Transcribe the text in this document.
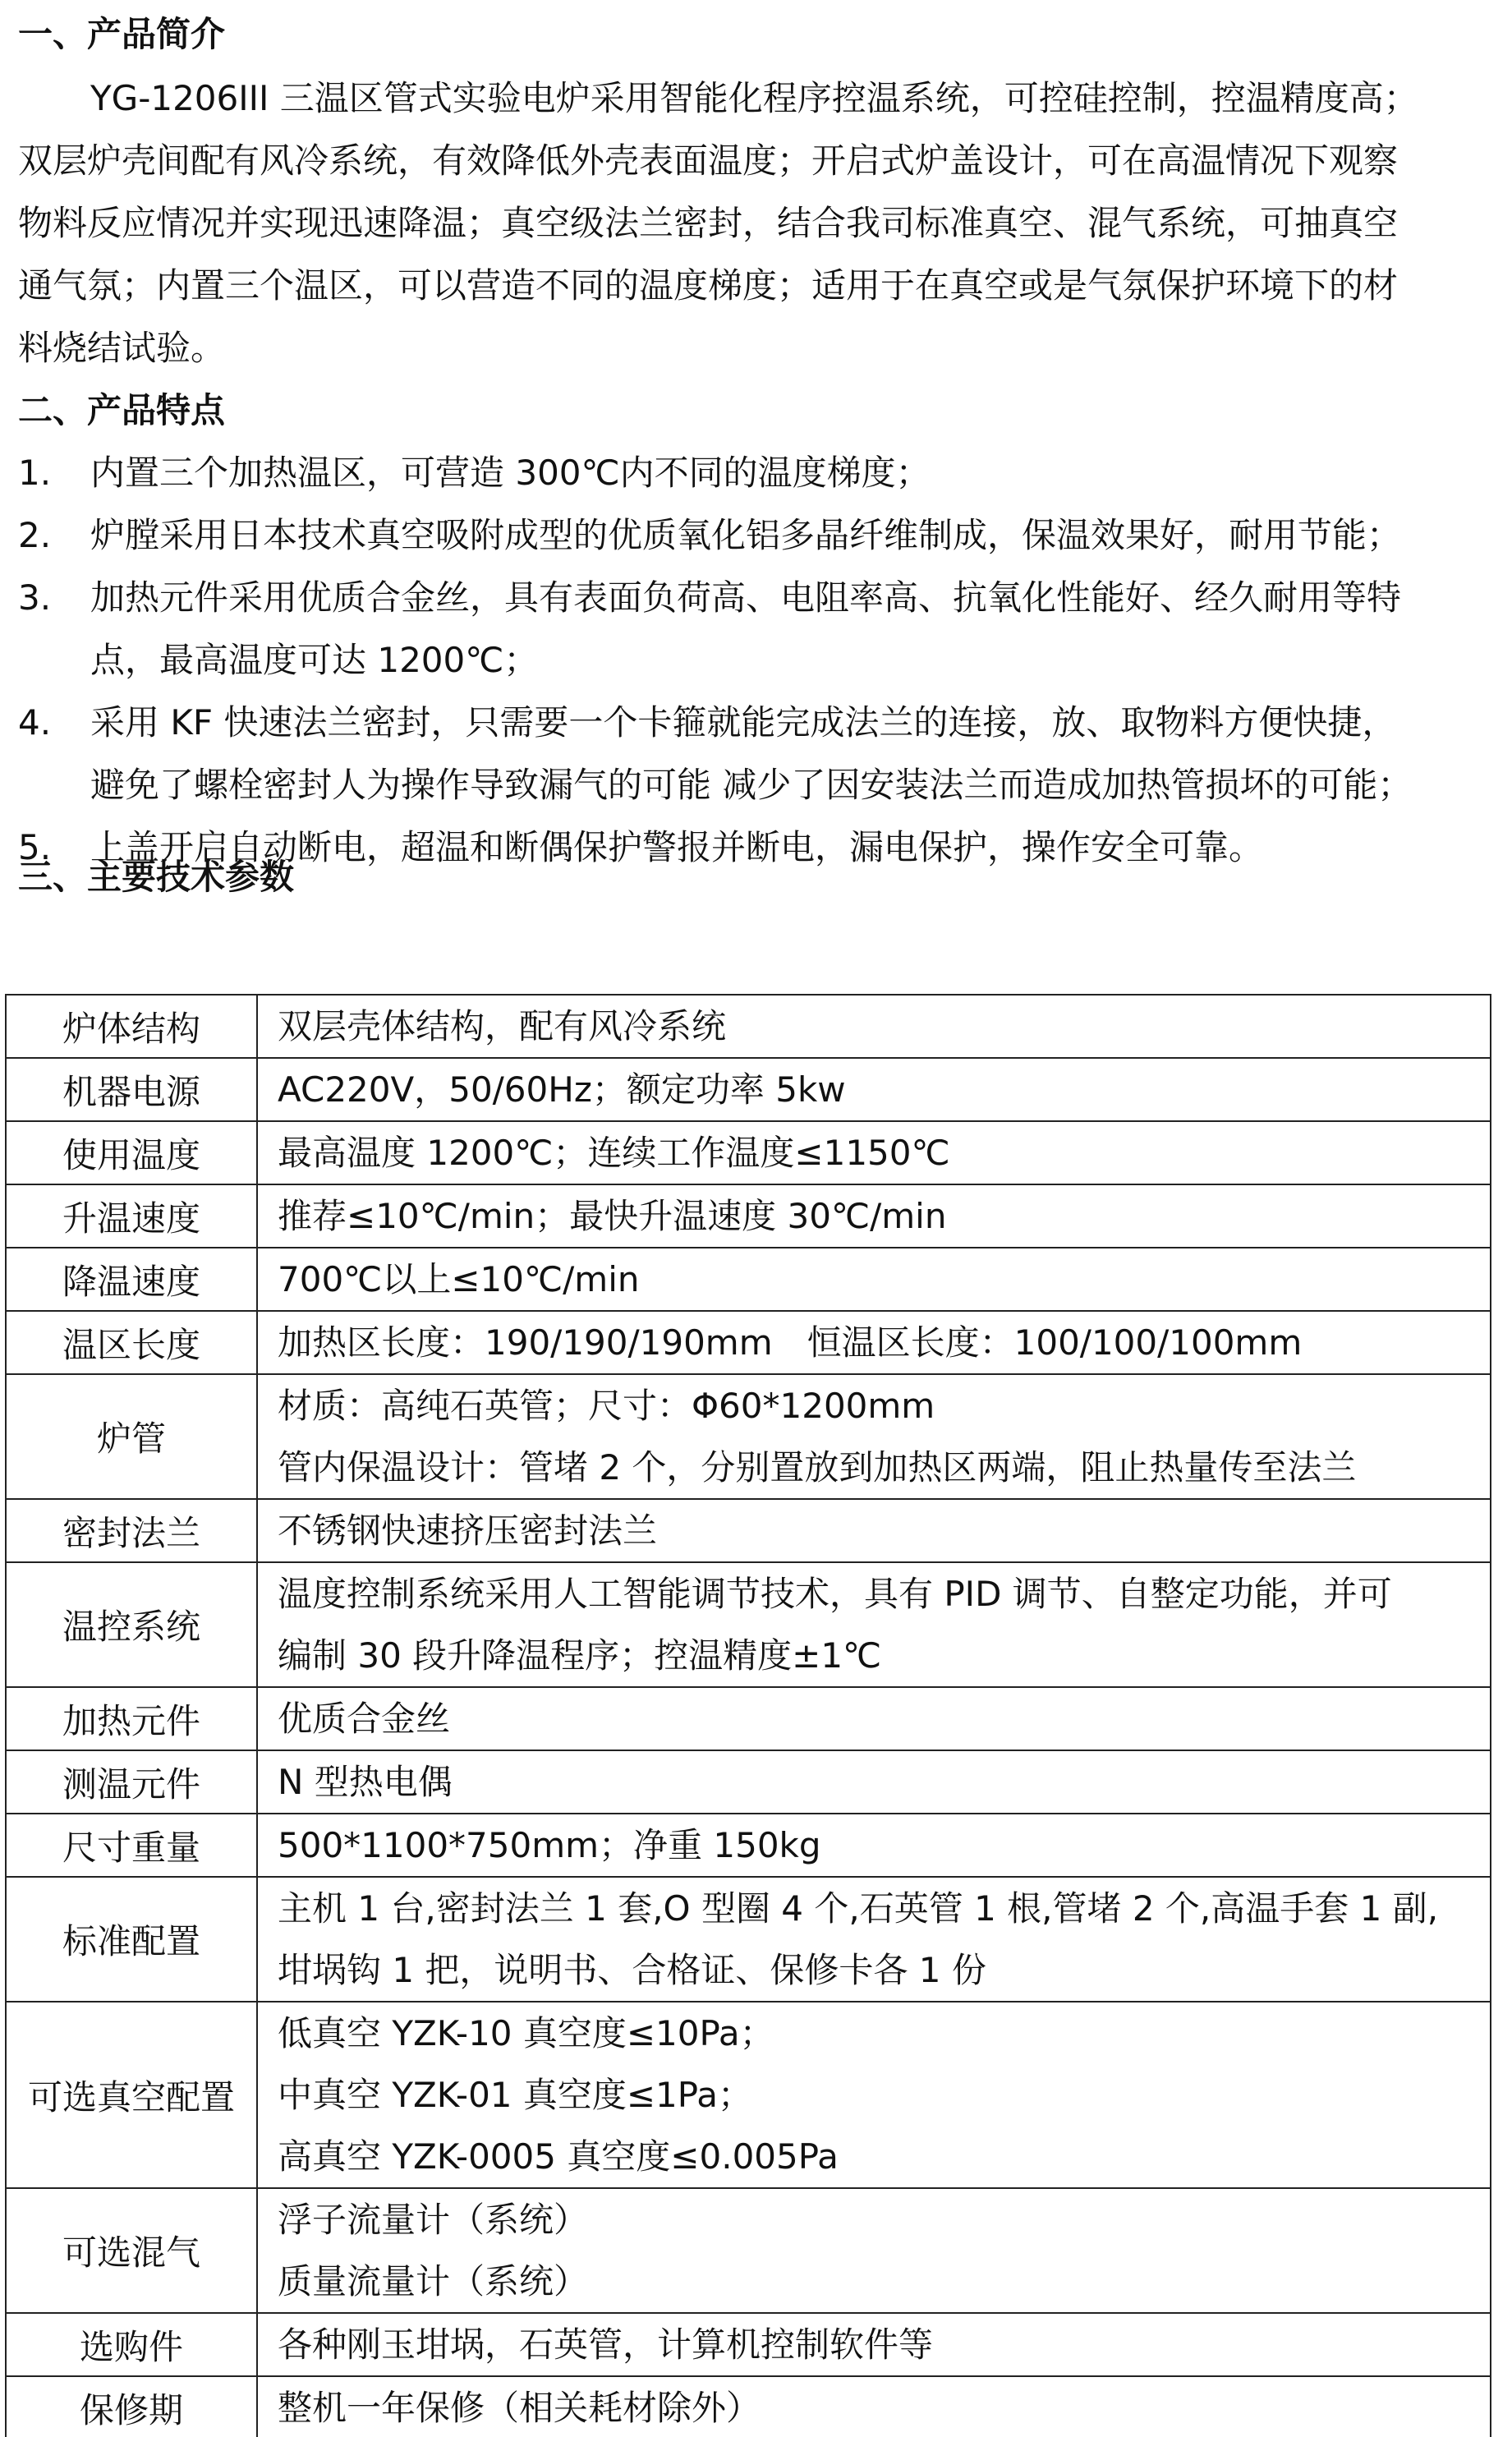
一、产品简介
YG-1206III 三温区管式实验电炉采用智能化程序控温系统，可控硅控制，控温精度高；
双层炉壳间配有风冷系统，有效降低外壳表面温度；开启式炉盖设计，可在高温情况下观察
物料反应情况并实现迅速降温；真空级法兰密封，结合我司标准真空、混气系统，可抽真空
通气氛；内置三个温区，可以营造不同的温度梯度；适用于在真空或是气氛保护环境下的材
料烧结试验。
二、产品特点
1. 内置三个加热温区，可营造 300℃内不同的温度梯度；
2. 炉膛采用日本技术真空吸附成型的优质氧化铝多晶纤维制成，保温效果好，耐用节能；
3. 加热元件采用优质合金丝，具有表面负荷高、电阻率高、抗氧化性能好、经久耐用等特
点，最高温度可达 1200℃；
4. 采用 KF 快速法兰密封，只需要一个卡箍就能完成法兰的连接，放、取物料方便快捷，
避免了螺栓密封人为操作导致漏气的可能 减少了因安装法兰而造成加热管损坏的可能；
5. 上盖开启自动断电，超温和断偶保护警报并断电，漏电保护，操作安全可靠。
三、主要技术参数
炉体结构	双层壳体结构，配有风冷系统

机器电源	AC220V，50/60Hz；额定功率 5kw

使用温度	最高温度 1200℃；连续工作温度≤1150℃

升温速度	推荐≤10℃/min；最快升温速度 30℃/min

降温速度	700℃以上≤10℃/min

温区长度	加热区长度：190/190/190mm　恒温区长度：100/100/100mm

炉管	材质：高纯石英管；尺寸：Φ60*1200mm
管内保温设计：管堵 2 个，分别置放到加热区两端，阻止热量传至法兰

密封法兰	不锈钢快速挤压密封法兰

温控系统	温度控制系统采用人工智能调节技术，具有 PID 调节、自整定功能，并可
编制 30 段升降温程序；控温精度±1℃

加热元件	优质合金丝

测温元件	N 型热电偶

尺寸重量	500*1100*750mm；净重 150kg

标准配置	主机 1 台,密封法兰 1 套,O 型圈 4 个,石英管 1 根,管堵 2 个,高温手套 1 副,
坩埚钩 1 把，说明书、合格证、保修卡各 1 份

可选真空配置	低真空 YZK-10 真空度≤10Pa；
中真空 YZK-01 真空度≤1Pa；
高真空 YZK-0005 真空度≤0.005Pa

可选混气	浮子流量计（系统）
质量流量计（系统）

选购件	各种刚玉坩埚，石英管，计算机控制软件等

保修期	整机一年保修（相关耗材除外）
